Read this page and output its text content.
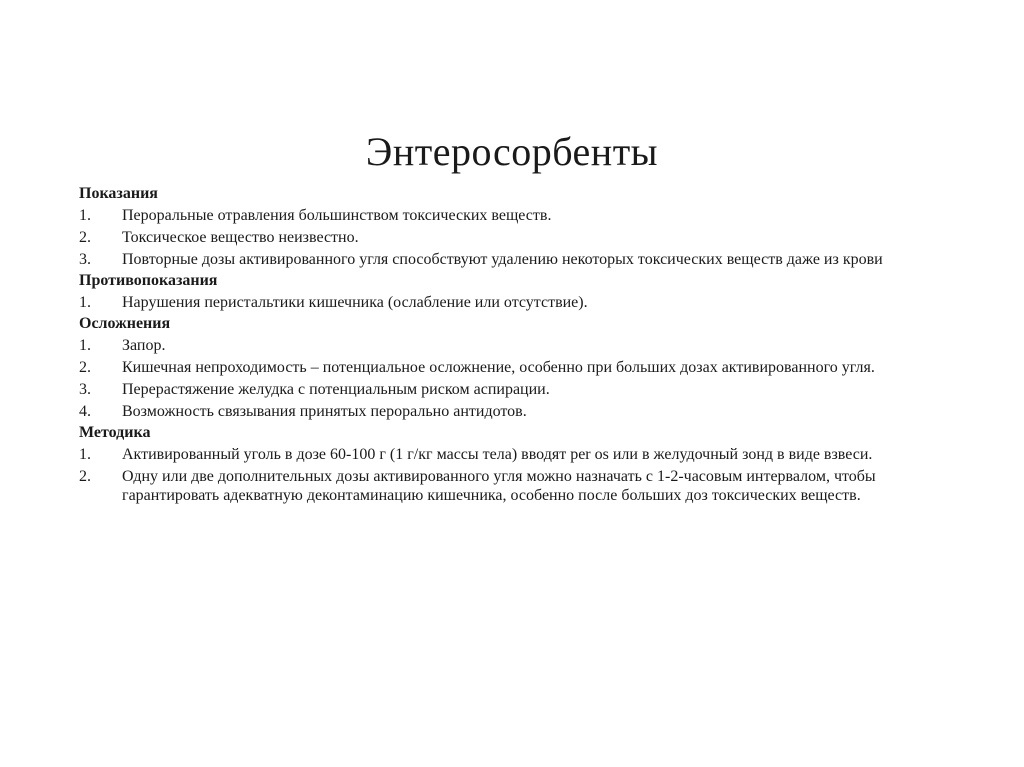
Энтеросорбенты

Показания

1.	Пероральные отравления большинством токсических веществ.
2.	Токсическое вещество неизвестно.
3.	Повторные дозы активированного угля способствуют удалению некоторых токсических веществ даже из крови

Противопоказания

1.	Нарушения перистальтики кишечника (ослабление или отсутствие).

Осложнения

1.	Запор.
2.	Кишечная непроходимость – потенциальное осложнение, особенно при больших дозах активированного угля.
3.	Перерастяжение желудка с потенциальным риском аспирации.
4.	Возможность связывания принятых перорально антидотов.

Методика

1.	Активированный уголь в дозе 60-100 г (1 г/кг массы тела) вводят per os или в желудочный зонд в виде взвеси.
2.	Одну или две дополнительных дозы активированного угля можно назначать с 1-2-часовым интервалом, чтобы гарантировать адекватную деконтаминацию кишечника, особенно после больших доз токсических веществ.
